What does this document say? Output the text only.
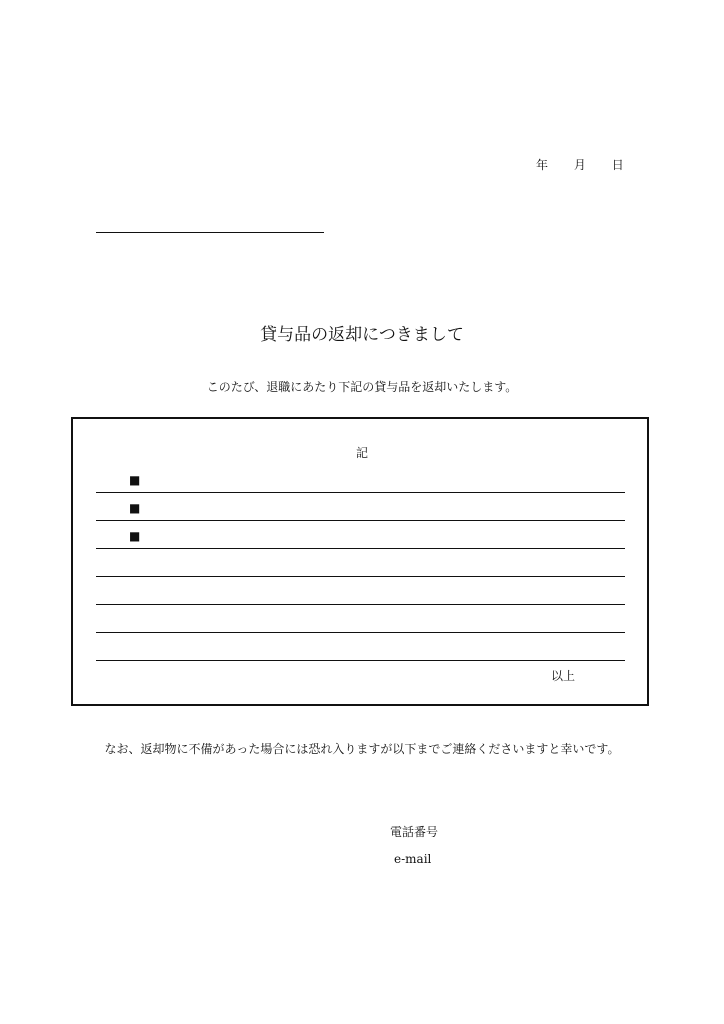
年 月 日
貸与品の返却につきまして
このたび、退職にあたり下記の貸与品を返却いたします。
記
■
■
■
以上
なお、返却物に不備があった場合には恐れ入りますが以下までご連絡くださいますと幸いです。
電話番号
e-mail
